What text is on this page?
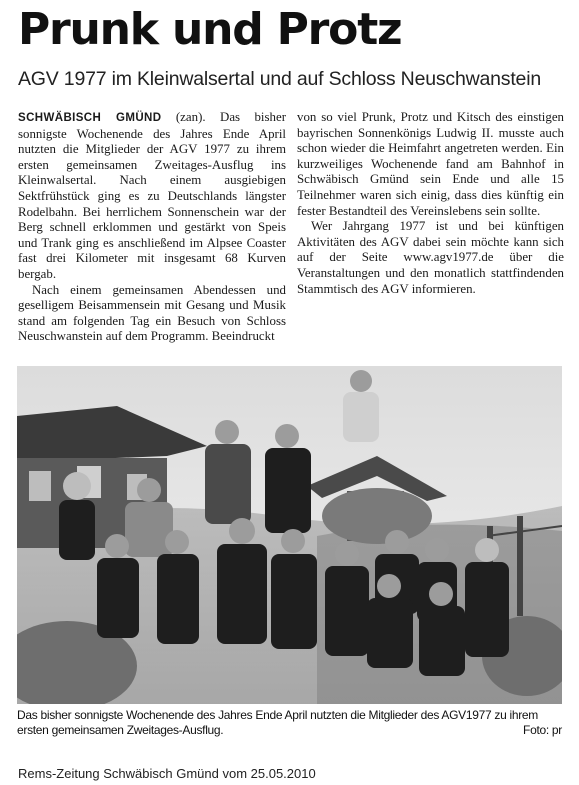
Prunk und Protz
AGV 1977 im Kleinwalsertal und auf Schloss Neuschwanstein

SCHWÄBISCH GMÜND (zan). Das bisher sonnigste Wochenende des Jahres Ende April nutzten die Mitglieder der AGV 1977 zu ihrem ersten gemeinsamen Zweitages-Ausflug ins Kleinwalsertal. Nach einem ausgiebigen Sektfrühstück ging es zu Deutschlands längster Rodelbahn. Bei herrlichem Sonnenschein war der Berg schnell erklommen und gestärkt von Speis und Trank ging es anschließend im Alpsee Coaster fast drei Kilometer mit insgesamt 68 Kurven bergab.

Nach einem gemeinsamen Abendessen und geselligem Beisammensein mit Gesang und Musik stand am folgenden Tag ein Besuch von Schloss Neuschwanstein auf dem Programm. Beeindruckt

von so viel Prunk, Protz und Kitsch des einstigen bayrischen Sonnenkönigs Ludwig II. musste auch schon wieder die Heimfahrt angetreten werden. Ein kurzweiliges Wochenende fand am Bahnhof in Schwäbisch Gmünd sein Ende und alle 15 Teilnehmer waren sich einig, dass dies künftig ein fester Bestandteil des Vereinslebens sein sollte.

Wer Jahrgang 1977 ist und bei künftigen Aktivitäten des AGV dabei sein möchte kann sich auf der Seite www.agv1977.de über die Veranstaltungen und den monatlich stattfindenden Stammtisch des AGV informieren.

Das bisher sonnigste Wochenende des Jahres Ende April nutzten die Mitglieder des AGV1977 zu ihrem ersten gemeinsamen Zweitages-Ausflug.	Foto: pr
Rems-Zeitung Schwäbisch Gmünd vom 25.05.2010
